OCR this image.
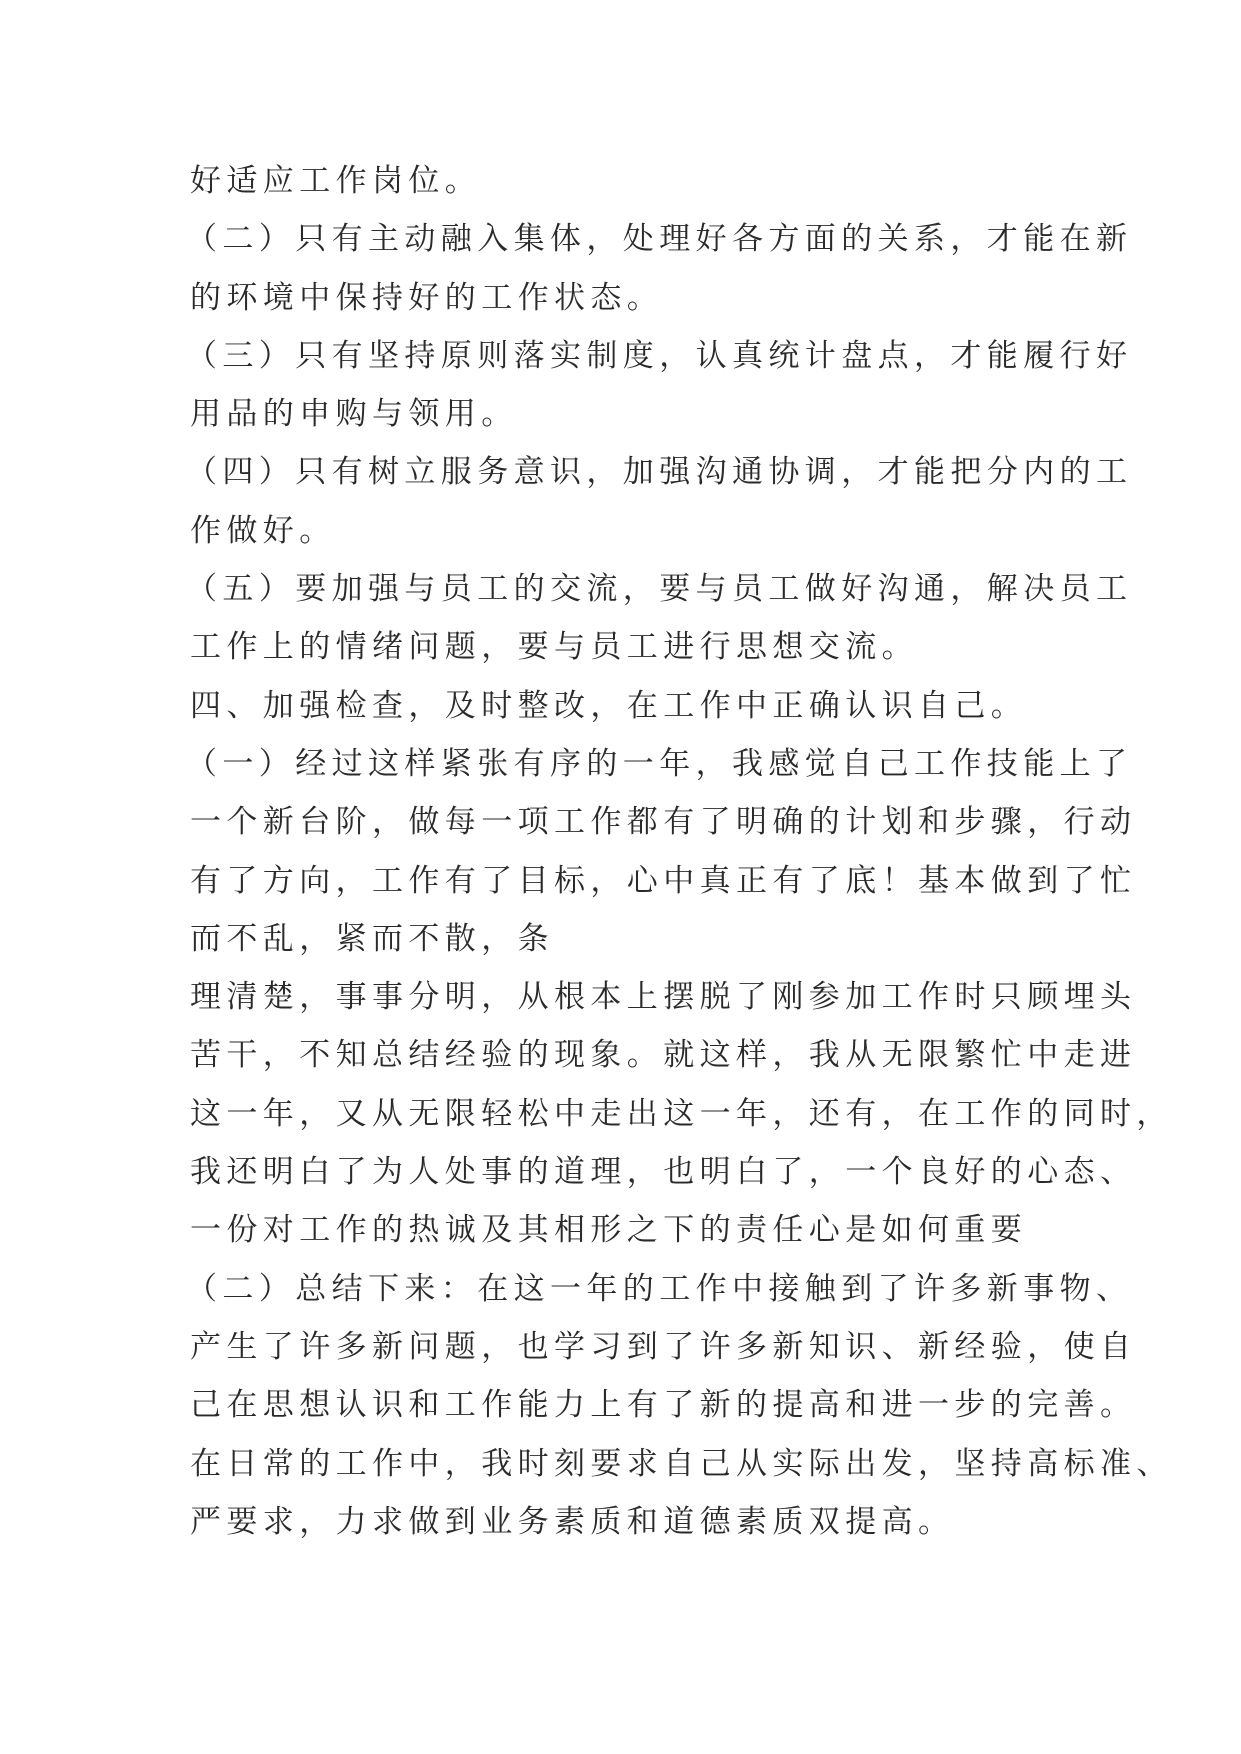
好适应工作岗位。
（二）只有主动融入集体，处理好各方面的关系，才能在新
的环境中保持好的工作状态。
（三）只有坚持原则落实制度，认真统计盘点，才能履行好
用品的申购与领用。
（四）只有树立服务意识，加强沟通协调，才能把分内的工
作做好。
（五）要加强与员工的交流，要与员工做好沟通，解决员工
工作上的情绪问题，要与员工进行思想交流。
四、加强检查，及时整改，在工作中正确认识自己。
（一）经过这样紧张有序的一年，我感觉自己工作技能上了
一个新台阶，做每一项工作都有了明确的计划和步骤，行动
有了方向，工作有了目标，心中真正有了底！基本做到了忙
而不乱，紧而不散，条
理清楚，事事分明，从根本上摆脱了刚参加工作时只顾埋头
苦干，不知总结经验的现象。就这样，我从无限繁忙中走进
这一年，又从无限轻松中走出这一年，还有，在工作的同时，
我还明白了为人处事的道理，也明白了，一个良好的心态、
一份对工作的热诚及其相形之下的责任心是如何重要
（二）总结下来：在这一年的工作中接触到了许多新事物、
产生了许多新问题，也学习到了许多新知识、新经验，使自
己在思想认识和工作能力上有了新的提高和进一步的完善。
在日常的工作中，我时刻要求自己从实际出发，坚持高标准、
严要求，力求做到业务素质和道德素质双提高。
